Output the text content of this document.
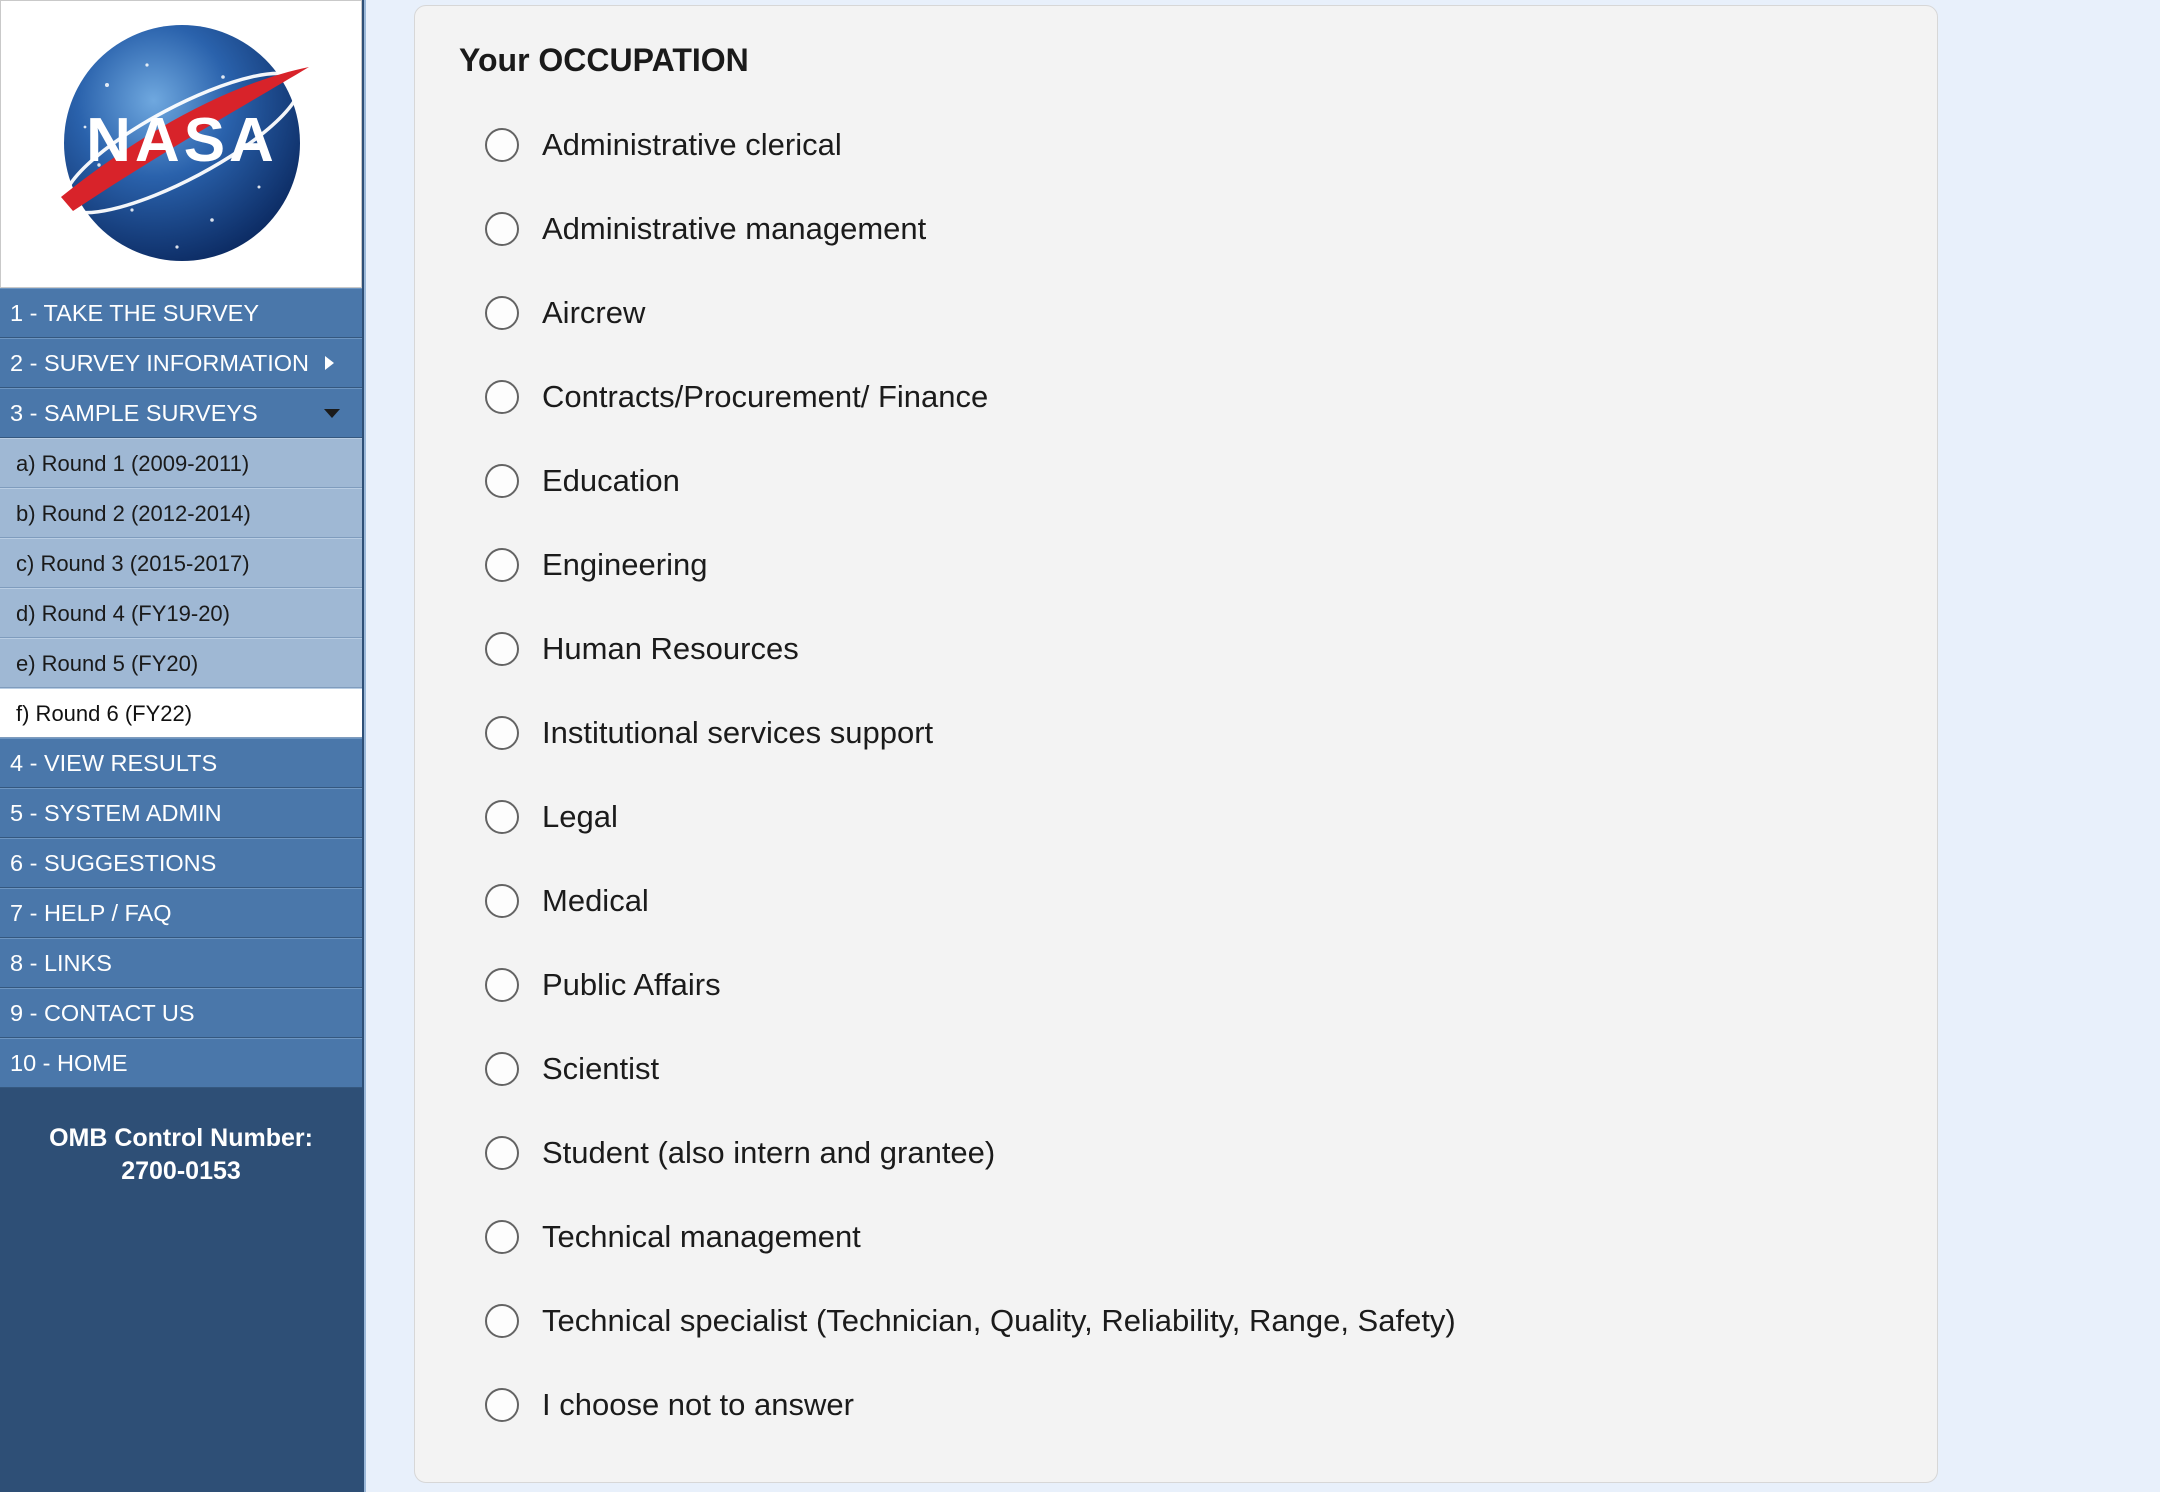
NASA
1 - TAKE THE SURVEY
2 - SURVEY INFORMATION
3 - SAMPLE SURVEYS
a) Round 1 (2009-2011)
b) Round 2 (2012-2014)
c) Round 3 (2015-2017)
d) Round 4 (FY19-20)
e) Round 5 (FY20)
f) Round 6 (FY22)
4 - VIEW RESULTS
5 - SYSTEM ADMIN
6 - SUGGESTIONS
7 - HELP / FAQ
8 - LINKS
9 - CONTACT US
10 - HOME
OMB Control Number:
2700-0153
Your OCCUPATION
Administrative clerical
Administrative management
Aircrew
Contracts/Procurement/ Finance
Education
Engineering
Human Resources
Institutional services support
Legal
Medical
Public Affairs
Scientist
Student (also intern and grantee)
Technical management
Technical specialist (Technician, Quality, Reliability, Range, Safety)
I choose not to answer
